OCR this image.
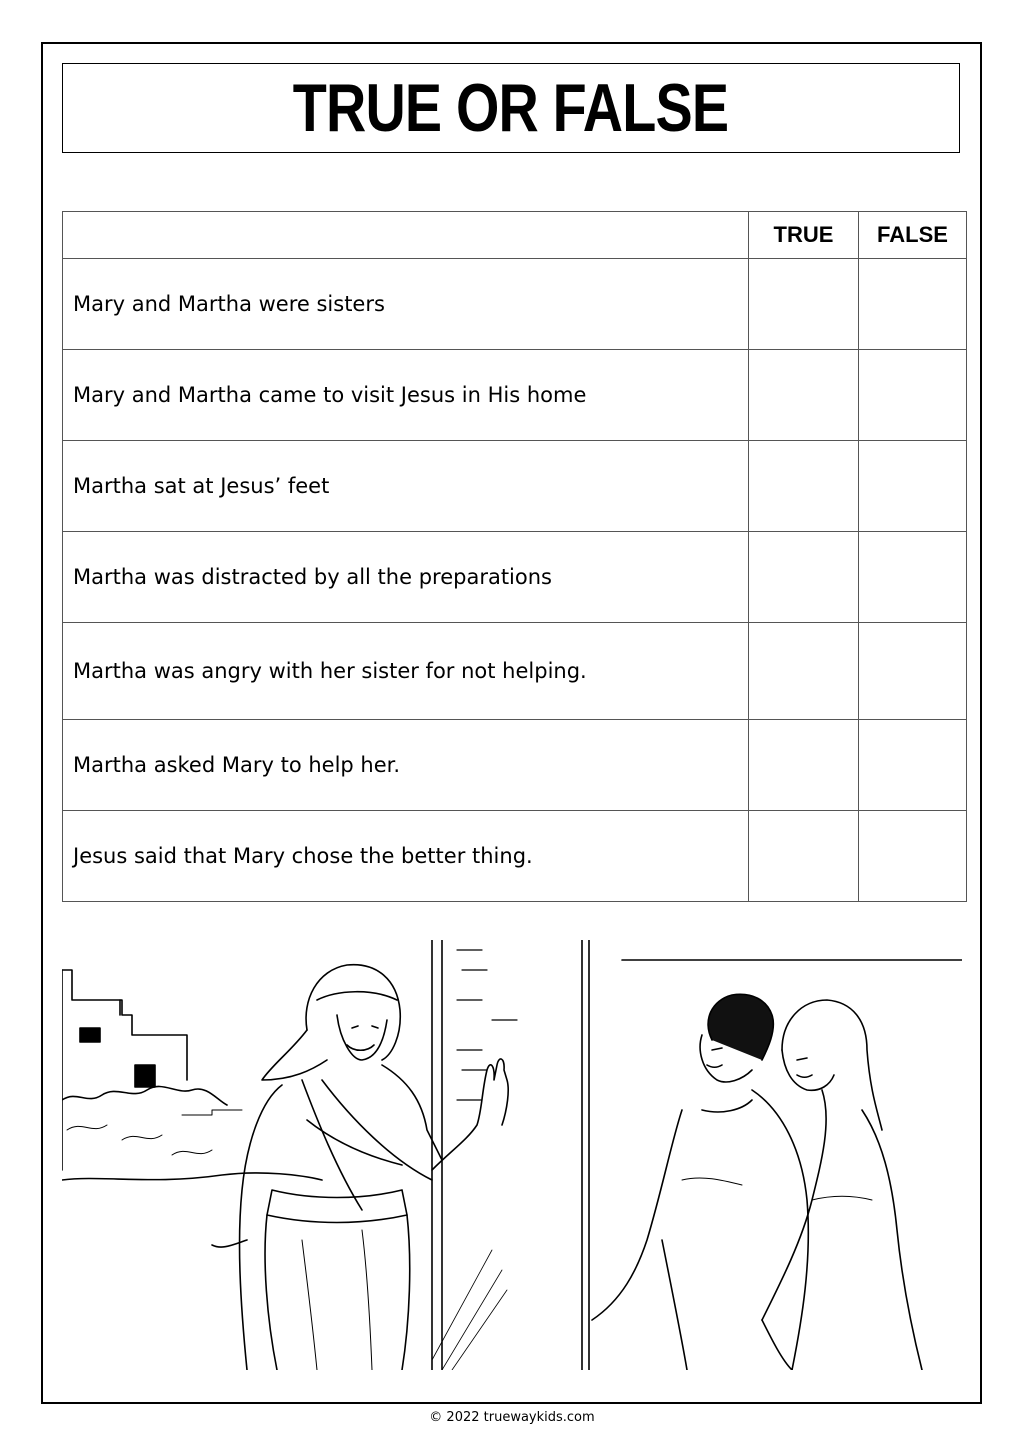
TRUE OR FALSE
	TRUE	FALSE
Mary and Martha were sisters		
Mary and Martha came to visit Jesus in His home		
Martha sat at Jesus’ feet		
Martha was distracted by all the preparations		
Martha was angry with her sister for not helping.		
Martha asked Mary to help her.		
Jesus said that Mary chose the better thing.		
© 2022 truewaykids.com
